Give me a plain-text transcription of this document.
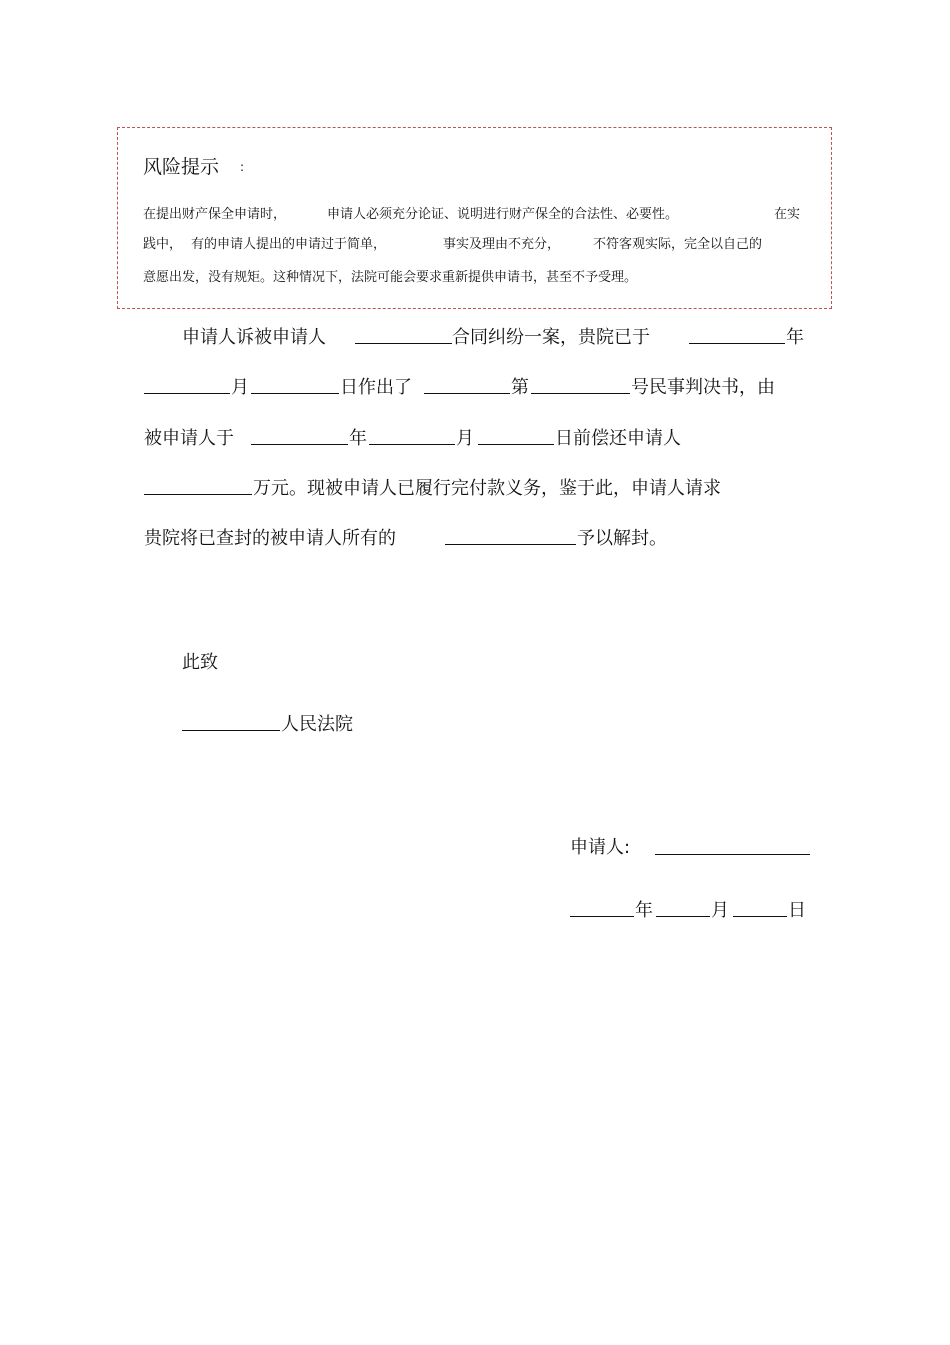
风险提示 :
在提出财产保全申请时，	申请人必须充分论证、说明进行财产保全的合法性、必要性。	在实
践中， 有的申请人提出的申请过于简单，	事实及理由不充分，	不符客观实际，完全以自己的
意愿出发，没有规矩。这种情况下，法院可能会要求重新提供申请书，甚至不予受理。
申请人诉被申请人	合同纠纷一案，贵院已于	年
月	日作出了	第	号民事判决书，由
被申请人于	年	月	日前偿还申请人
万元。现被申请人已履行完付款义务，鉴于此，申请人请求
贵院将已查封的被申请人所有的	予以解封。
此致
人民法院
申请人:
年	月	日
